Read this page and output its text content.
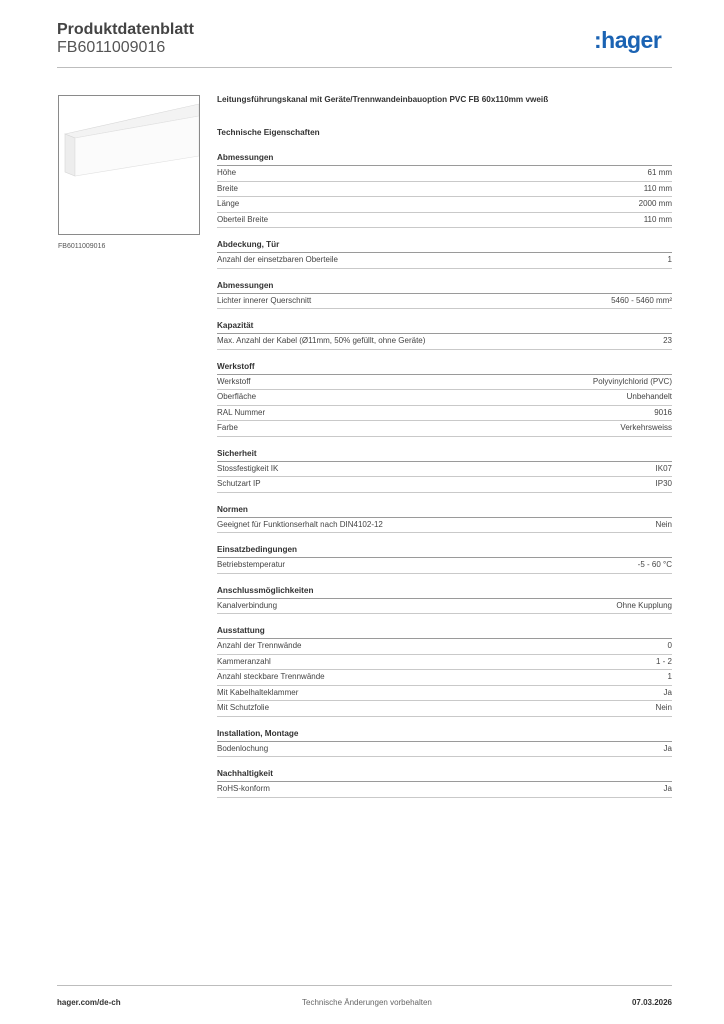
Produktdatenblatt
FB6011009016	:hager
FB6011009016
Leitungsführungskanal mit Geräte/Trennwandeinbauoption PVC FB 60x110mm vweiß
Technische Eigenschaften
Abmessungen
Höhe	61 mm
Breite	110 mm
Länge	2000 mm
Oberteil Breite	110 mm
Abdeckung, Tür
Anzahl der einsetzbaren Oberteile	1
Abmessungen
Lichter innerer Querschnitt	5460 - 5460 mm²
Kapazität
Max. Anzahl der Kabel (Ø11mm, 50% gefüllt, ohne Geräte)	23
Werkstoff
Werkstoff	Polyvinylchlorid (PVC)
Oberfläche	Unbehandelt
RAL Nummer	9016
Farbe	Verkehrsweiss
Sicherheit
Stossfestigkeit IK	IK07
Schutzart IP	IP30
Normen
Geeignet für Funktionserhalt nach DIN4102-12	Nein
Einsatzbedingungen
Betriebstemperatur	-5 - 60 °C
Anschlussmöglichkeiten
Kanalverbindung	Ohne Kupplung
Ausstattung
Anzahl der Trennwände	0
Kammeranzahl	1 - 2
Anzahl steckbare Trennwände	1
Mit Kabelhalteklammer	Ja
Mit Schutzfolie	Nein
Installation, Montage
Bodenlochung	Ja
Nachhaltigkeit
RoHS-konform	Ja
hager.com/de-ch	Technische Änderungen vorbehalten	07.03.2026
